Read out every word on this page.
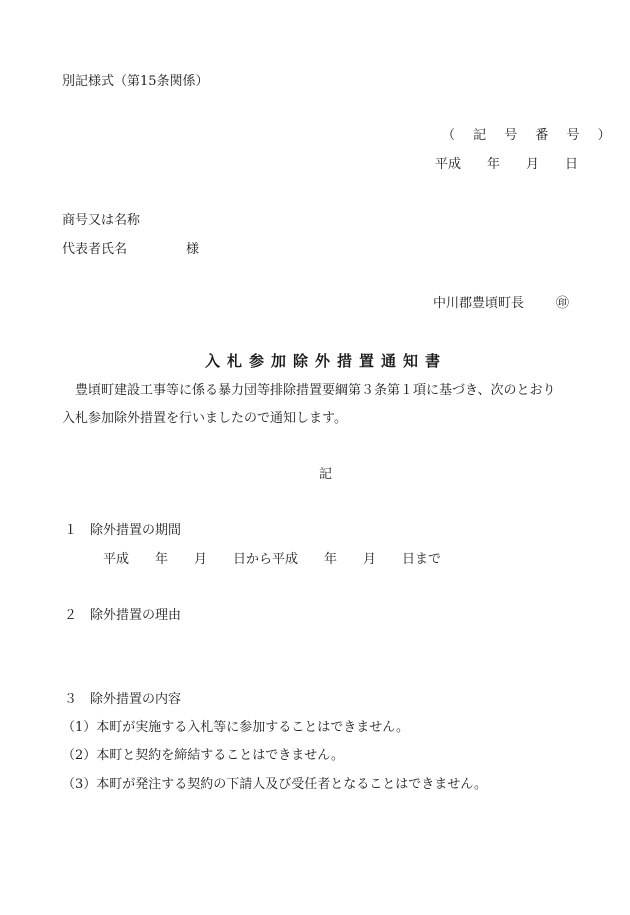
別記様式（第15条関係）
（ 記 号 番 号 ）
平成　　年　　月　　日
商号又は名称
代表者氏名	様
中川郡豊頃町長 ㊞
入札参加除外措置通知書
豊頃町建設工事等に係る暴力団等排除措置要綱第３条第１項に基づき、次のとおり
入札参加除外措置を行いましたので通知します。
記
１　除外措置の期間
平成　　年　　月　　日から平成　　年　　月　　日まで
２　除外措置の理由
３　除外措置の内容
（1）本町が実施する入札等に参加することはできません。
（2）本町と契約を締結することはできません。
（3）本町が発注する契約の下請人及び受任者となることはできません。
